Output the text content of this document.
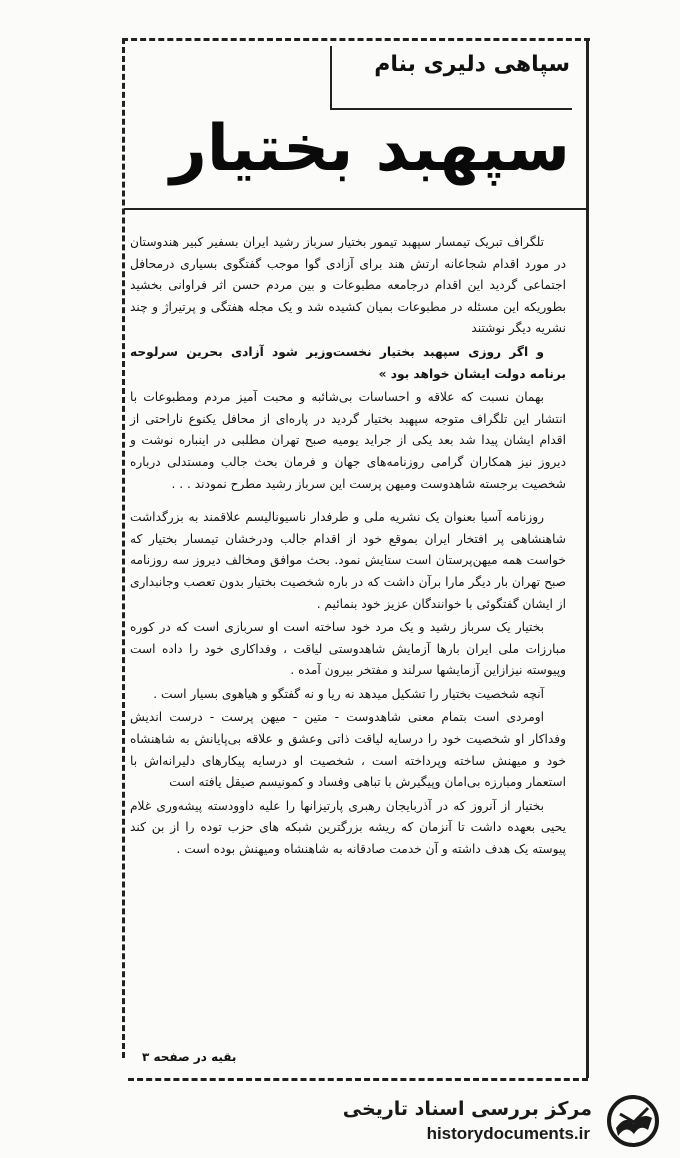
سپاهی دلیری بنام
سپهبد بختیار

تلگراف تبریک تیمسار سپهبد تیمور بختیار سرباز رشید ایران بسفیر کبیر هندوستان در مورد اقدام شجاعانه ارتش هند برای آزادی گوا موجب گفتگوی بسیاری درمحافل اجتماعی گردید این اقدام درجامعه مطبوعات و بین مردم حسن اثر فراوانی بخشید بطوریکه این مسئله در مطبوعات بمیان کشیده شد و یک مجله هفتگی و پرتیراژ و چند نشریه دیگر نوشتند

و اگر روزی سپهبد بختیار نخست‌وزیر شود آزادی بحرین سرلوحه برنامه دولت ایشان خواهد بود »

بهمان نسبت که علاقه و احساسات بی‌شائبه و محبت آمیز مردم ومطبوعات با انتشار این تلگراف متوجه سپهبد بختیار گردید در پاره‌ای از محافل یکنوع ناراحتی از اقدام ایشان پیدا شد بعد یکی از جراید یومیه صبح تهران مطلبی در اینباره نوشت و دیروز نیز همکاران گرامی روزنامه‌های جهان و فرمان بحث جالب ومستدلی درباره شخصیت برجسته شاهدوست ومیهن پرست این سرباز رشید مطرح نمودند . . .

روزنامه آسیا بعنوان یک نشریه ملی و طرفدار ناسیونالیسم علاقمند به بزرگداشت شاهنشاهی پر افتخار ایران بموقع خود از اقدام جالب ودرخشان تیمسار بختیار که خواست همه میهن‌پرستان است ستایش نمود. بحث موافق ومخالف دیروز سه روزنامه صبح تهران بار دیگر مارا برآن داشت که در باره شخصیت بختیار بدون تعصب وجانبداری از ایشان گفتگوئی با خوانندگان عزیز خود بنمائیم .

بختیار یک سرباز رشید و یک مرد خود ساخته است او سربازی است که در کوره مبارزات ملی ایران بارها آزمایش شاهدوستی لیاقت ، وفداکاری خود را داده است وپیوسته نیزازاین آزمایشها سرلند و مفتخر بیرون آمده .

آنچه شخصیت بختیار را تشکیل میدهد نه ریا و نه گفتگو و هیاهوی بسیار است .

اومردی است بتمام معنی شاهدوست - متین - میهن پرست - درست اندیش وفداکار او شخصیت خود را درسایه لیاقت ذاتی وعشق و علاقه بی‌پایانش به شاهنشاه خود و میهنش ساخته وپرداخته است ، شخصیت او درسایه پیکارهای دلیرانه‌اش با استعمار ومبارزه بی‌امان وپیگیرش با تباهی وفساد و کمونیسم صیقل یافته است

بختیار از آنروز که در آذربایجان رهبری پارتیزانها را علیه داوودسته پیشه‌وری غلام یحیی بعهده داشت تا آنزمان که ریشه بزرگترین شبکه های حزب توده را از بن کند پیوسته یک هدف داشته و آن خدمت صادقانه به شاهنشاه ومیهنش بوده است .

بقیه در صفحه ۳
مرکز بررسی اسناد تاریخی
historydocuments.ir
